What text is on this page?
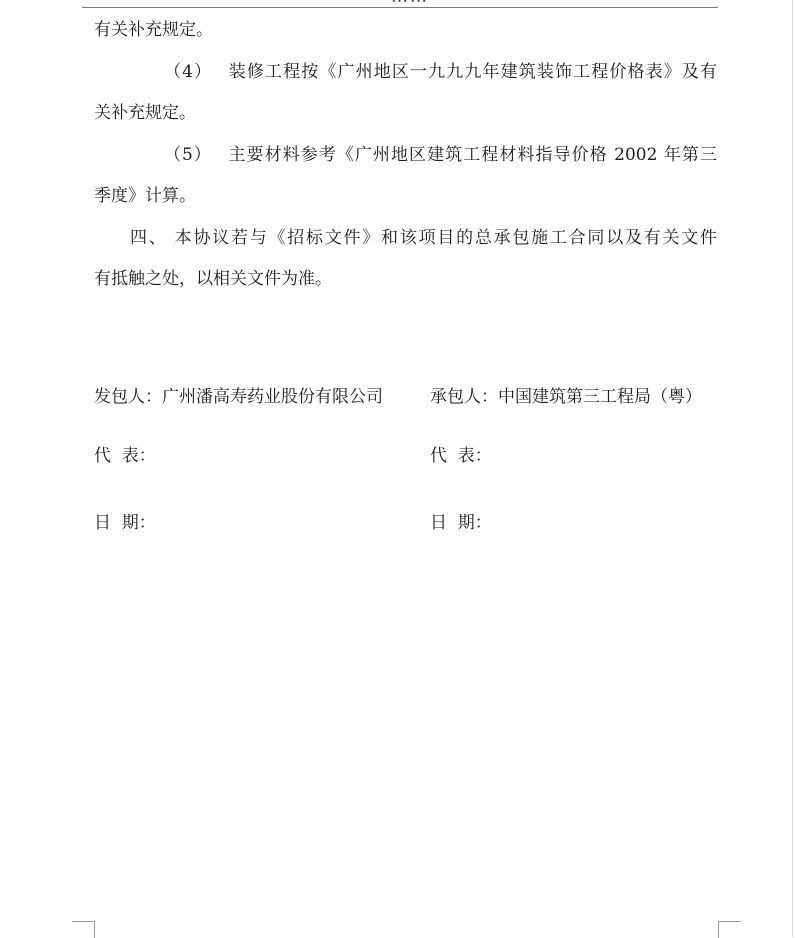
有关补充规定。
（4） 装修工程按《广州地区一九九九年建筑装饰工程价格表》及有
关补充规定。
（5） 主要材料参考《广州地区建筑工程材料指导价格 2002 年第三
季度》计算。
四、 本协议若与《招标文件》和该项目的总承包施工合同以及有关文件
有抵触之处，以相关文件为准。
发包人：广州潘高寿药业股份有限公司	承包人：中国建筑第三工程局（粤）
代  表：	代  表：
日  期：	日  期：
